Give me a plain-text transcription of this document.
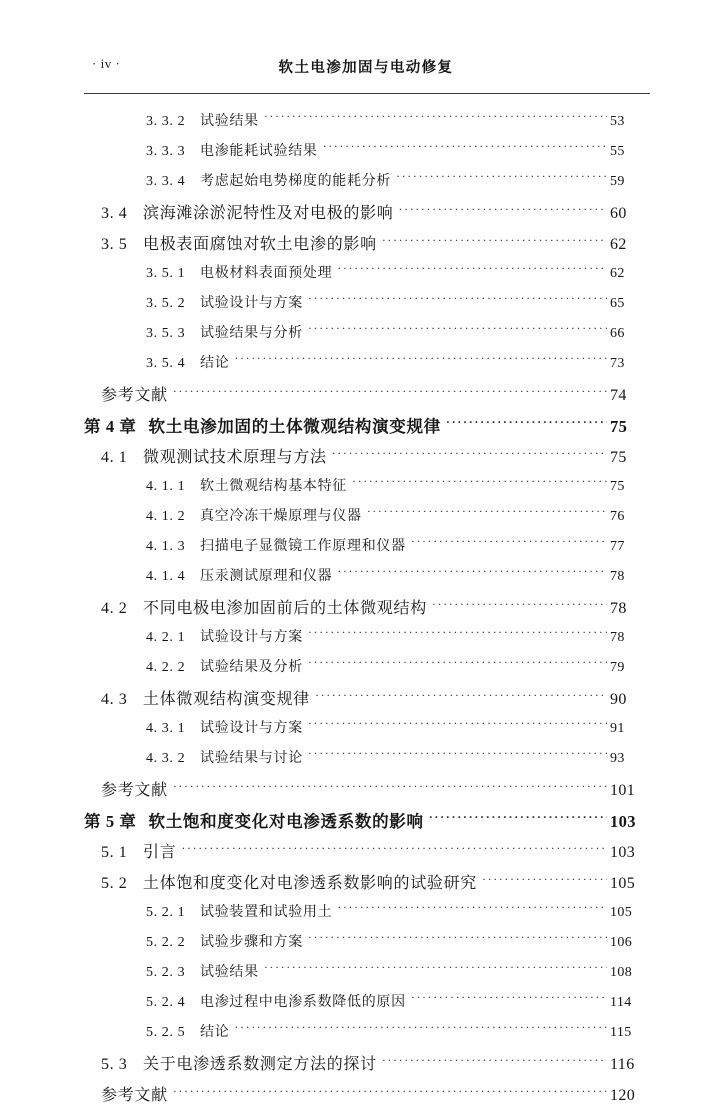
· iv ·	软土电渗加固与电动修复
3. 3. 2	试验结果 ·····	53
3. 3. 3	电渗能耗试验结果 ·····	55
3. 3. 4	考虑起始电势梯度的能耗分析 ·····	59
3. 4 滨海滩涂淤泥特性及对电极的影响 ·····	60
3. 5 电极表面腐蚀对软土电渗的影响 ·····	62
3. 5. 1	电极材料表面预处理 ·····	62
3. 5. 2	试验设计与方案 ·····	65
3. 5. 3	试验结果与分析 ·····	66
3. 5. 4	结论 ·····	73
参考文献 ·····	74
第 4 章 软土电渗加固的土体微观结构演变规律 ·····	75
4. 1 微观测试技术原理与方法 ·····	75
4. 1. 1	软土微观结构基本特征 ·····	75
4. 1. 2	真空冷冻干燥原理与仪器 ·····	76
4. 1. 3	扫描电子显微镜工作原理和仪器 ·····	77
4. 1. 4	压汞测试原理和仪器 ·····	78
4. 2 不同电极电渗加固前后的土体微观结构 ·····	78
4. 2. 1	试验设计与方案 ·····	78
4. 2. 2	试验结果及分析 ·····	79
4. 3 土体微观结构演变规律 ·····	90
4. 3. 1	试验设计与方案 ·····	91
4. 3. 2	试验结果与讨论 ·····	93
参考文献 ·····	101
第 5 章 软土饱和度变化对电渗透系数的影响 ·····	103
5. 1 引言 ·····	103
5. 2 土体饱和度变化对电渗透系数影响的试验研究 ·····	105
5. 2. 1	试验装置和试验用土 ·····	105
5. 2. 2	试验步骤和方案 ·····	106
5. 2. 3	试验结果 ·····	108
5. 2. 4	电渗过程中电渗系数降低的原因 ·····	114
5. 2. 5	结论 ·····	115
5. 3 关于电渗透系数测定方法的探讨 ·····	116
参考文献 ·····	120
